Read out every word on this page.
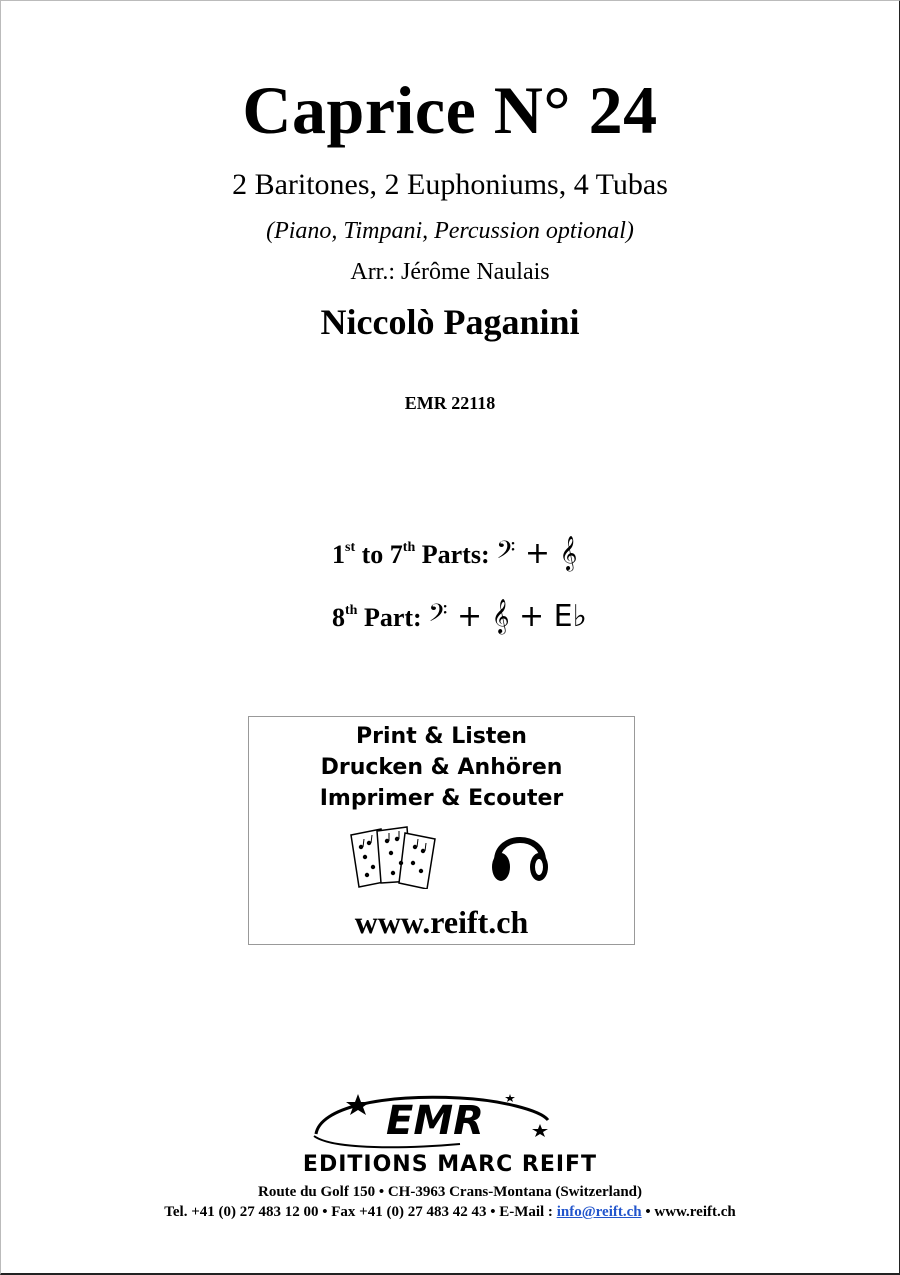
Caprice N° 24
2 Baritones, 2 Euphoniums, 4 Tubas
(Piano, Timpani, Percussion optional)
Arr.: Jérôme Naulais
Niccolò Paganini
EMR 22118
1st to 7th Parts: 𝄢 + 𝄞
8th Part: 𝄢 + 𝄞 + E♭
Print & Listen
Drucken & Anhören
Imprimer & Ecouter
www.reift.ch
EMR
EDITIONS MARC REIFT
Route du Golf 150 • CH-3963 Crans-Montana (Switzerland)
Tel. +41 (0) 27 483 12 00 • Fax +41 (0) 27 483 42 43 • E-Mail : info@reift.ch • www.reift.ch
